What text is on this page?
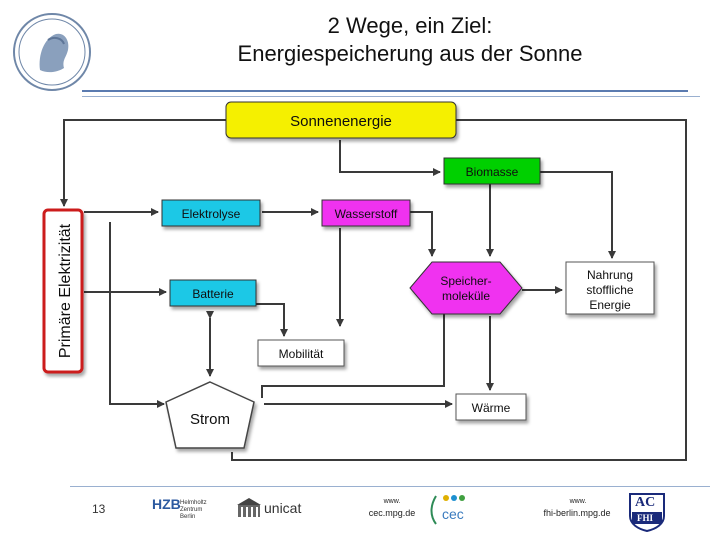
2 Wege, ein Ziel:
Energiespeicherung aus der Sonne
Sonnenenergie
Biomasse
Elektrolyse	Wasserstoff
Batterie
Speicher-
moleküle
Nahrung
stoffliche
Energie
Mobilität
Wärme
Strom
Primäre Elektrizität
13	HZB Helmholtz Zentrum Berlin
unicat	www.
cec.mpg.de	cec
www.
fhi-berlin.mpg.de
AC
FHI
